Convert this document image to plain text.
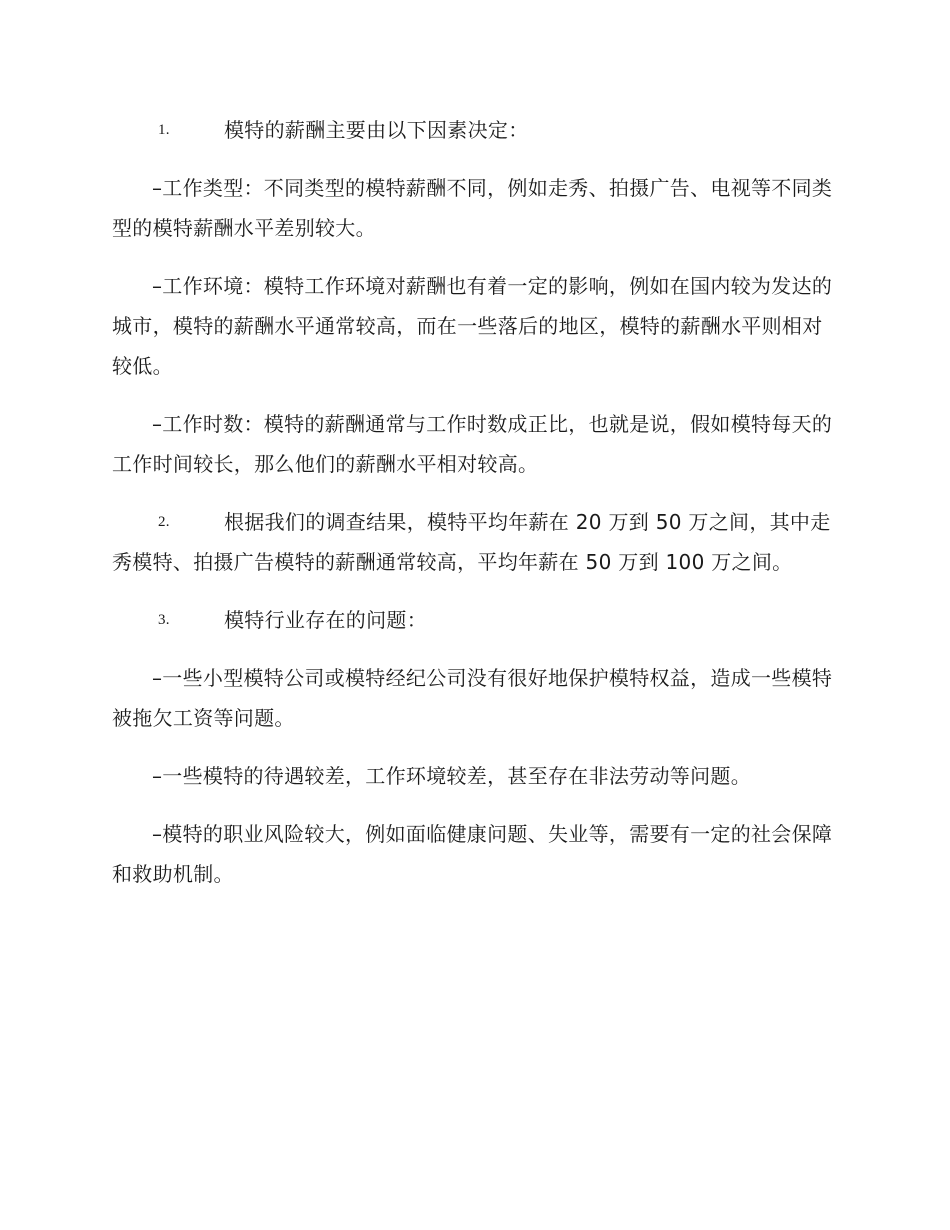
1.	模特的薪酬主要由以下因素决定：

–工作类型：不同类型的模特薪酬不同，例如走秀、拍摄广告、电视等不同类型的模特薪酬水平差别较大。

–工作环境：模特工作环境对薪酬也有着一定的影响，例如在国内较为发达的城市，模特的薪酬水平通常较高，而在一些落后的地区，模特的薪酬水平则相对较低。

–工作时数：模特的薪酬通常与工作时数成正比，也就是说，假如模特每天的工作时间较长，那么他们的薪酬水平相对较高。

2.	根据我们的调查结果，模特平均年薪在 20 万到 50 万之间，其中走秀模特、拍摄广告模特的薪酬通常较高，平均年薪在 50 万到 100 万之间。
3.	模特行业存在的问题：

–一些小型模特公司或模特经纪公司没有很好地保护模特权益，造成一些模特被拖欠工资等问题。

–一些模特的待遇较差，工作环境较差，甚至存在非法劳动等问题。

–模特的职业风险较大，例如面临健康问题、失业等，需要有一定的社会保障和救助机制。
